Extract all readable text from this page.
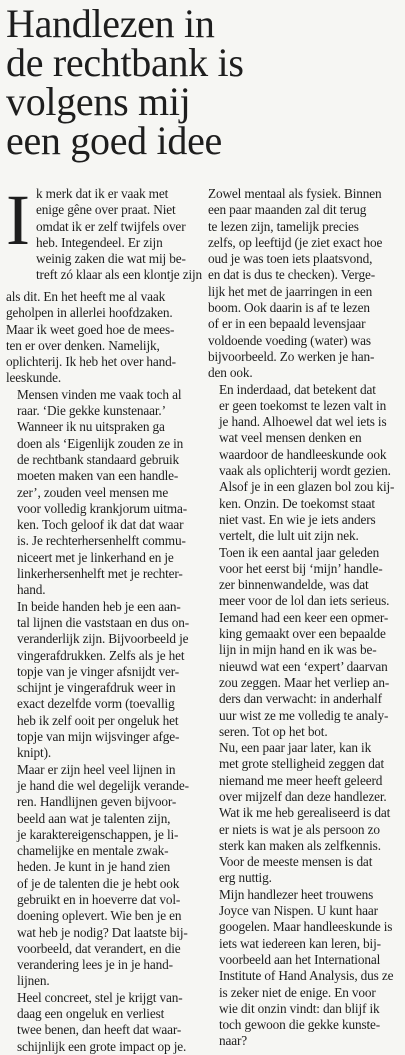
Handlezen in
de rechtbank is
volgens mij
een goed idee
I k merk dat ik er vaak met
enige gêne over praat. Niet
omdat ik er zelf twijfels over
heb. Integendeel. Er zijn
weinig zaken die wat mij be-
treft zó klaar als een klontje zijn

als dit. En het heeft me al vaak
geholpen in allerlei hoofdzaken.
Maar ik weet goed hoe de mees-
ten er over denken. Namelijk,
oplichterij. Ik heb het over hand-
leeskunde.

Mensen vinden me vaak toch al
raar. ‘Die gekke kunstenaar.’
Wanneer ik nu uitspraken ga
doen als ‘Eigenlijk zouden ze in
de rechtbank standaard gebruik
moeten maken van een handle-
zer’, zouden veel mensen me
voor volledig krankjorum uitma-
ken. Toch geloof ik dat dat waar
is. Je rechterhersenhelft commu-
niceert met je linkerhand en je
linkerhersenhelft met je rechter-
hand.

In beide handen heb je een aan-
tal lijnen die vaststaan en dus on-
veranderlijk zijn. Bijvoorbeeld je
vingerafdrukken. Zelfs als je het
topje van je vinger afsnijdt ver-
schijnt je vingerafdruk weer in
exact dezelfde vorm (toevallig
heb ik zelf ooit per ongeluk het
topje van mijn wijsvinger afge-
knipt).

Maar er zijn heel veel lijnen in
je hand die wel degelijk verande-
ren. Handlijnen geven bijvoor-
beeld aan wat je talenten zijn,
je karaktereigenschappen, je li-
chamelijke en mentale zwak-
heden. Je kunt in je hand zien
of je de talenten die je hebt ook
gebruikt en in hoeverre dat vol-
doening oplevert. Wie ben je en
wat heb je nodig? Dat laatste bij-
voorbeeld, dat verandert, en die
verandering lees je in je hand-
lijnen.

Heel concreet, stel je krijgt van-
daag een ongeluk en verliest
twee benen, dan heeft dat waar-
schijnlijk een grote impact op je.

Zowel mentaal als fysiek. Binnen
een paar maanden zal dit terug
te lezen zijn, tamelijk precies
zelfs, op leeftijd (je ziet exact hoe
oud je was toen iets plaatsvond,
en dat is dus te checken). Verge-
lijk het met de jaarringen in een
boom. Ook daarin is af te lezen
of er in een bepaald levensjaar
voldoende voeding (water) was
bijvoorbeeld. Zo werken je han-
den ook.

En inderdaad, dat betekent dat
er geen toekomst te lezen valt in
je hand. Alhoewel dat wel iets is
wat veel mensen denken en
waardoor de handleeskunde ook
vaak als oplichterij wordt gezien.
Alsof je in een glazen bol zou kij-
ken. Onzin. De toekomst staat
niet vast. En wie je iets anders
vertelt, die lult uit zijn nek.

Toen ik een aantal jaar geleden
voor het eerst bij ‘mijn’ handle-
zer binnenwandelde, was dat
meer voor de lol dan iets serieus.
Iemand had een keer een opmer-
king gemaakt over een bepaalde
lijn in mijn hand en ik was be-
nieuwd wat een ‘expert’ daarvan
zou zeggen. Maar het verliep an-
ders dan verwacht: in anderhalf
uur wist ze me volledig te analy-
seren. Tot op het bot.

Nu, een paar jaar later, kan ik
met grote stelligheid zeggen dat
niemand me meer heeft geleerd
over mijzelf dan deze handlezer.
Wat ik me heb gerealiseerd is dat
er niets is wat je als persoon zo
sterk kan maken als zelfkennis.
Voor de meeste mensen is dat
erg nuttig.

Mijn handlezer heet trouwens
Joyce van Nispen. U kunt haar
googelen. Maar handleeskunde is
iets wat iedereen kan leren, bij-
voorbeeld aan het International
Institute of Hand Analysis, dus ze
is zeker niet de enige. En voor
wie dit onzin vindt: dan blijf ik
toch gewoon die gekke kunste-
naar?
